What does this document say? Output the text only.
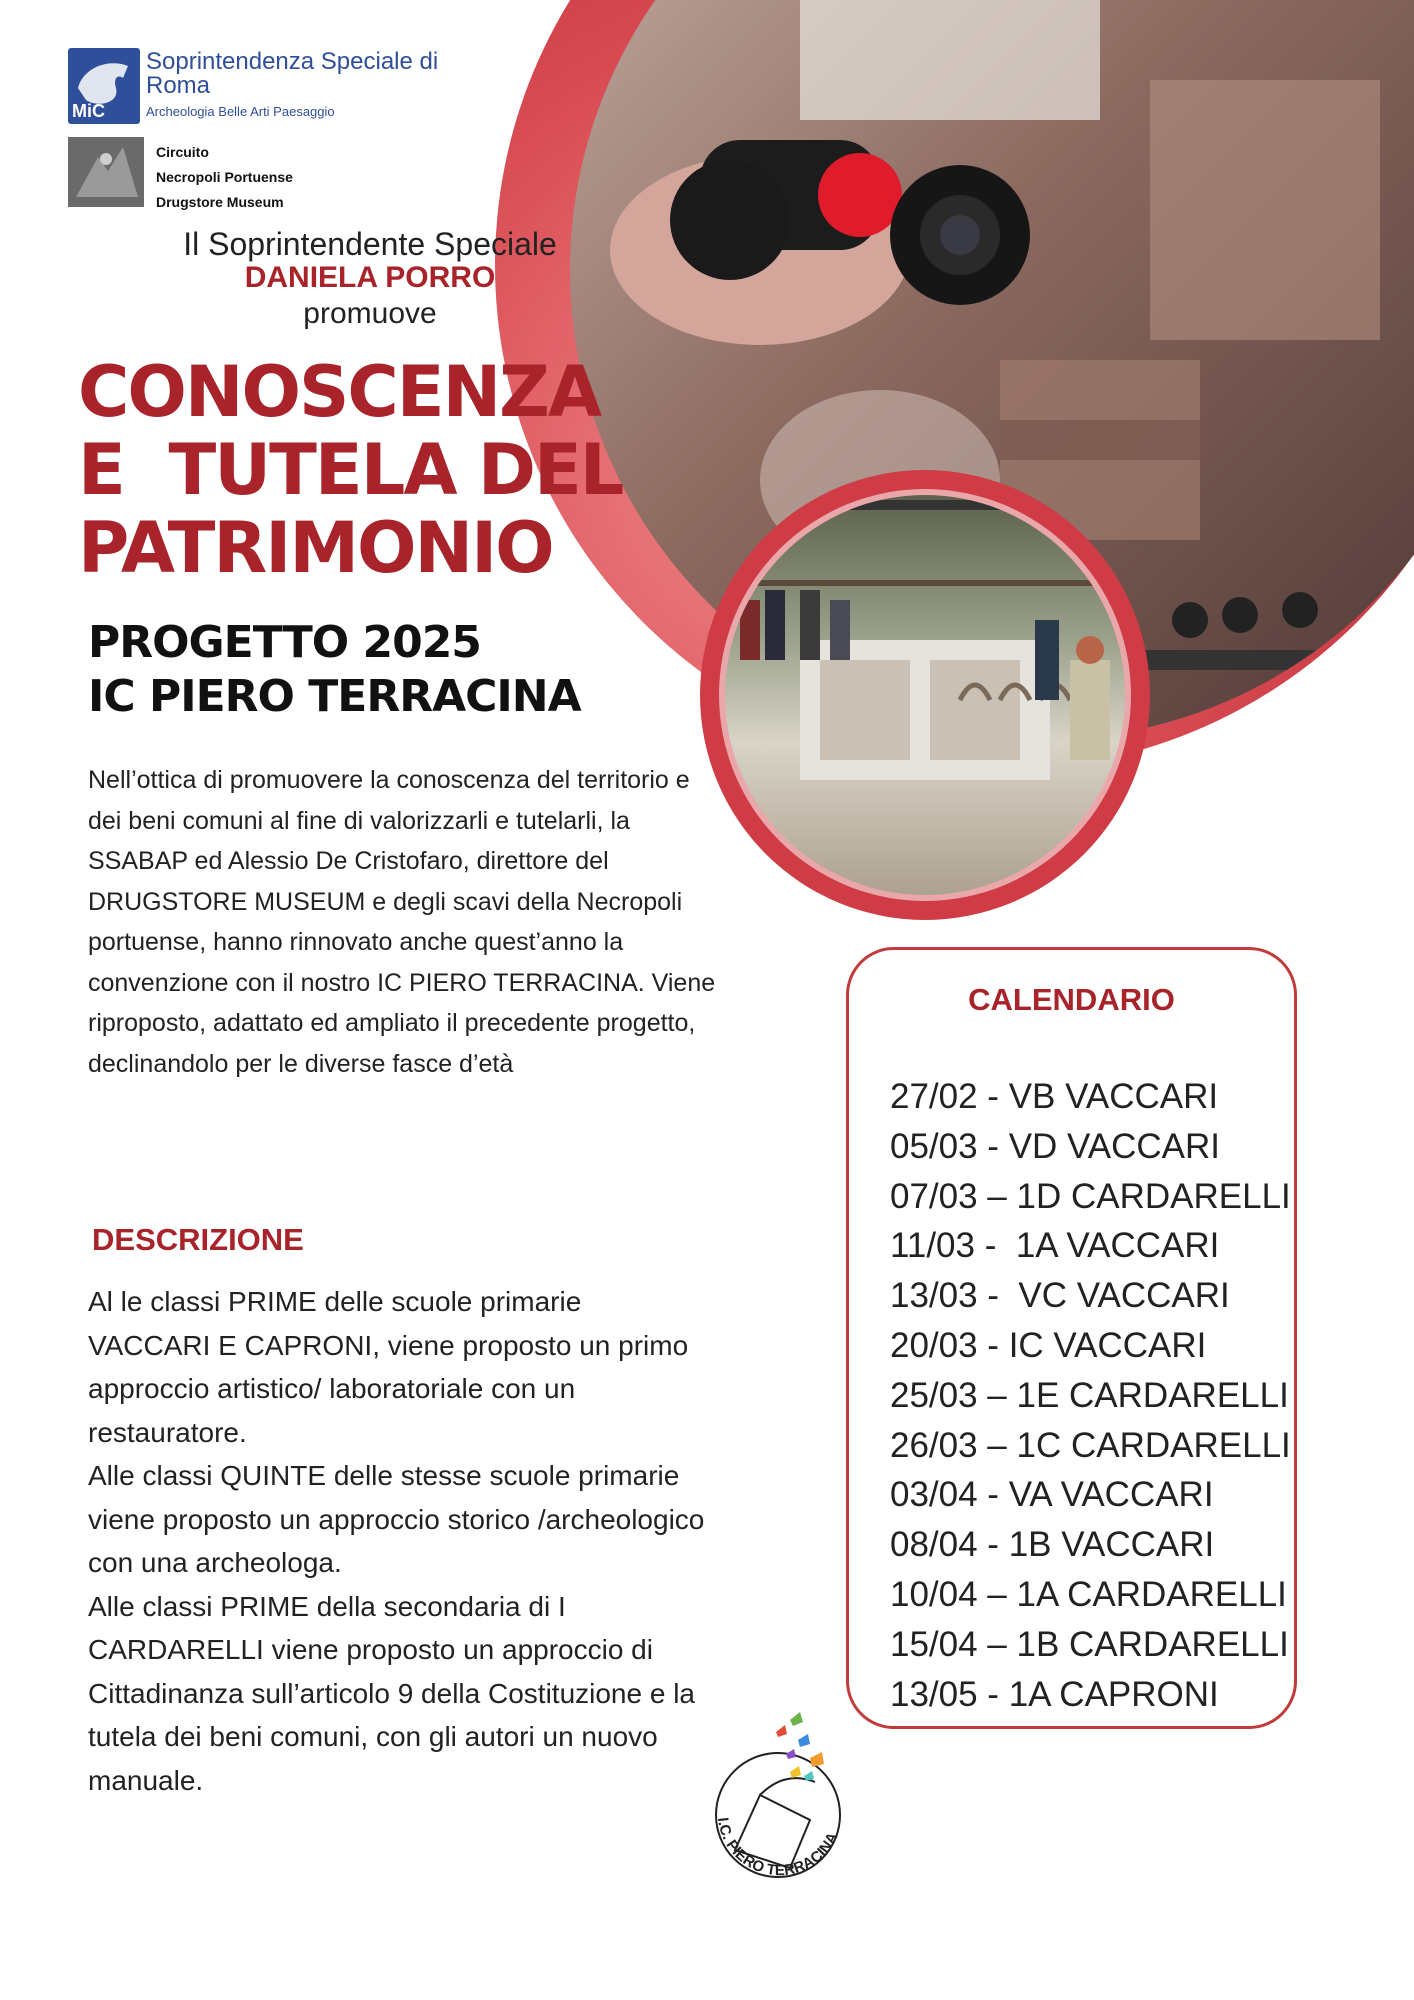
MiC
Soprintendenza Speciale di Roma
Archeologia Belle Arti Paesaggio
Circuito
Necropoli Portuense
Drugstore Museum
Il Soprintendente Speciale
DANIELA PORRO
promuove
CONOSCENZA
E  TUTELA DEL
PATRIMONIO
PROGETTO 2025
IC PIERO TERRACINA
Nell’ottica di promuovere la conoscenza del territorio e dei beni comuni al fine di valorizzarli e tutelarli, la SSABAP ed Alessio De Cristofaro, direttore del DRUGSTORE MUSEUM e degli scavi della Necropoli portuense, hanno rinnovato anche quest’anno la convenzione con il nostro IC PIERO TERRACINA. Viene riproposto, adattato ed ampliato il precedente progetto, declinandolo per le diverse fasce d’età
DESCRIZIONE

Al le classi PRIME delle scuole primarie VACCARI E CAPRONI, viene proposto un primo approccio artistico/ laboratoriale con un restauratore.

Alle classi QUINTE delle stesse scuole primarie viene proposto un approccio storico /archeologico con una archeologa.

Alle classi PRIME della secondaria di I CARDARELLI viene proposto un approccio di Cittadinanza sull’articolo 9 della Costituzione e la tutela dei beni comuni, con gli autori un nuovo manuale.

CALENDARIO
27/02 - VB VACCARI
05/03 - VD VACCARI
07/03 – 1D CARDARELLI
11/03 -  1A VACCARI
13/03 -  VC VACCARI
20/03 - IC VACCARI
25/03 – 1E CARDARELLI
26/03 – 1C CARDARELLI
03/04 - VA VACCARI
08/04 - 1B VACCARI
10/04 – 1A CARDARELLI
15/04 – 1B CARDARELLI
13/05 - 1A CAPRONI
I.C. PIERO TERRACINA
